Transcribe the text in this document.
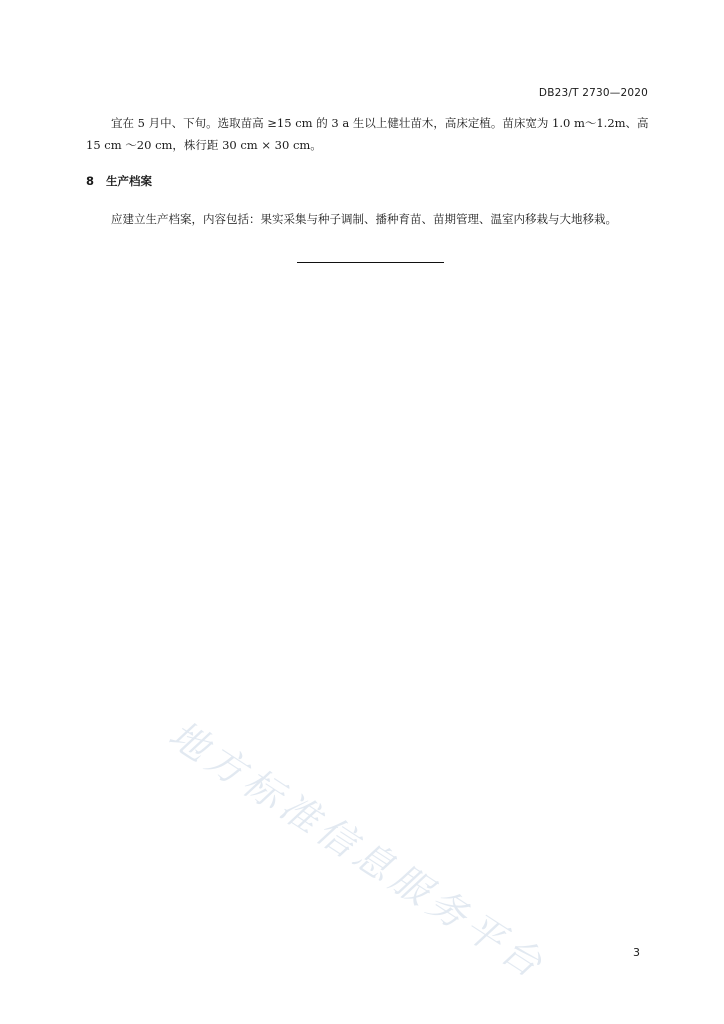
DB23/T 2730—2020
宜在 5 月中、下旬。选取苗高 ≥15 cm 的 3 a 生以上健壮苗木，高床定植。苗床宽为 1.0 m～1.2m、高 15 cm ～20 cm，株行距 30 cm × 30 cm。
8 生产档案
应建立生产档案，内容包括：果实采集与种子调制、播种育苗、苗期管理、温室内移栽与大地移栽。
地方标准信息服务平台	3
